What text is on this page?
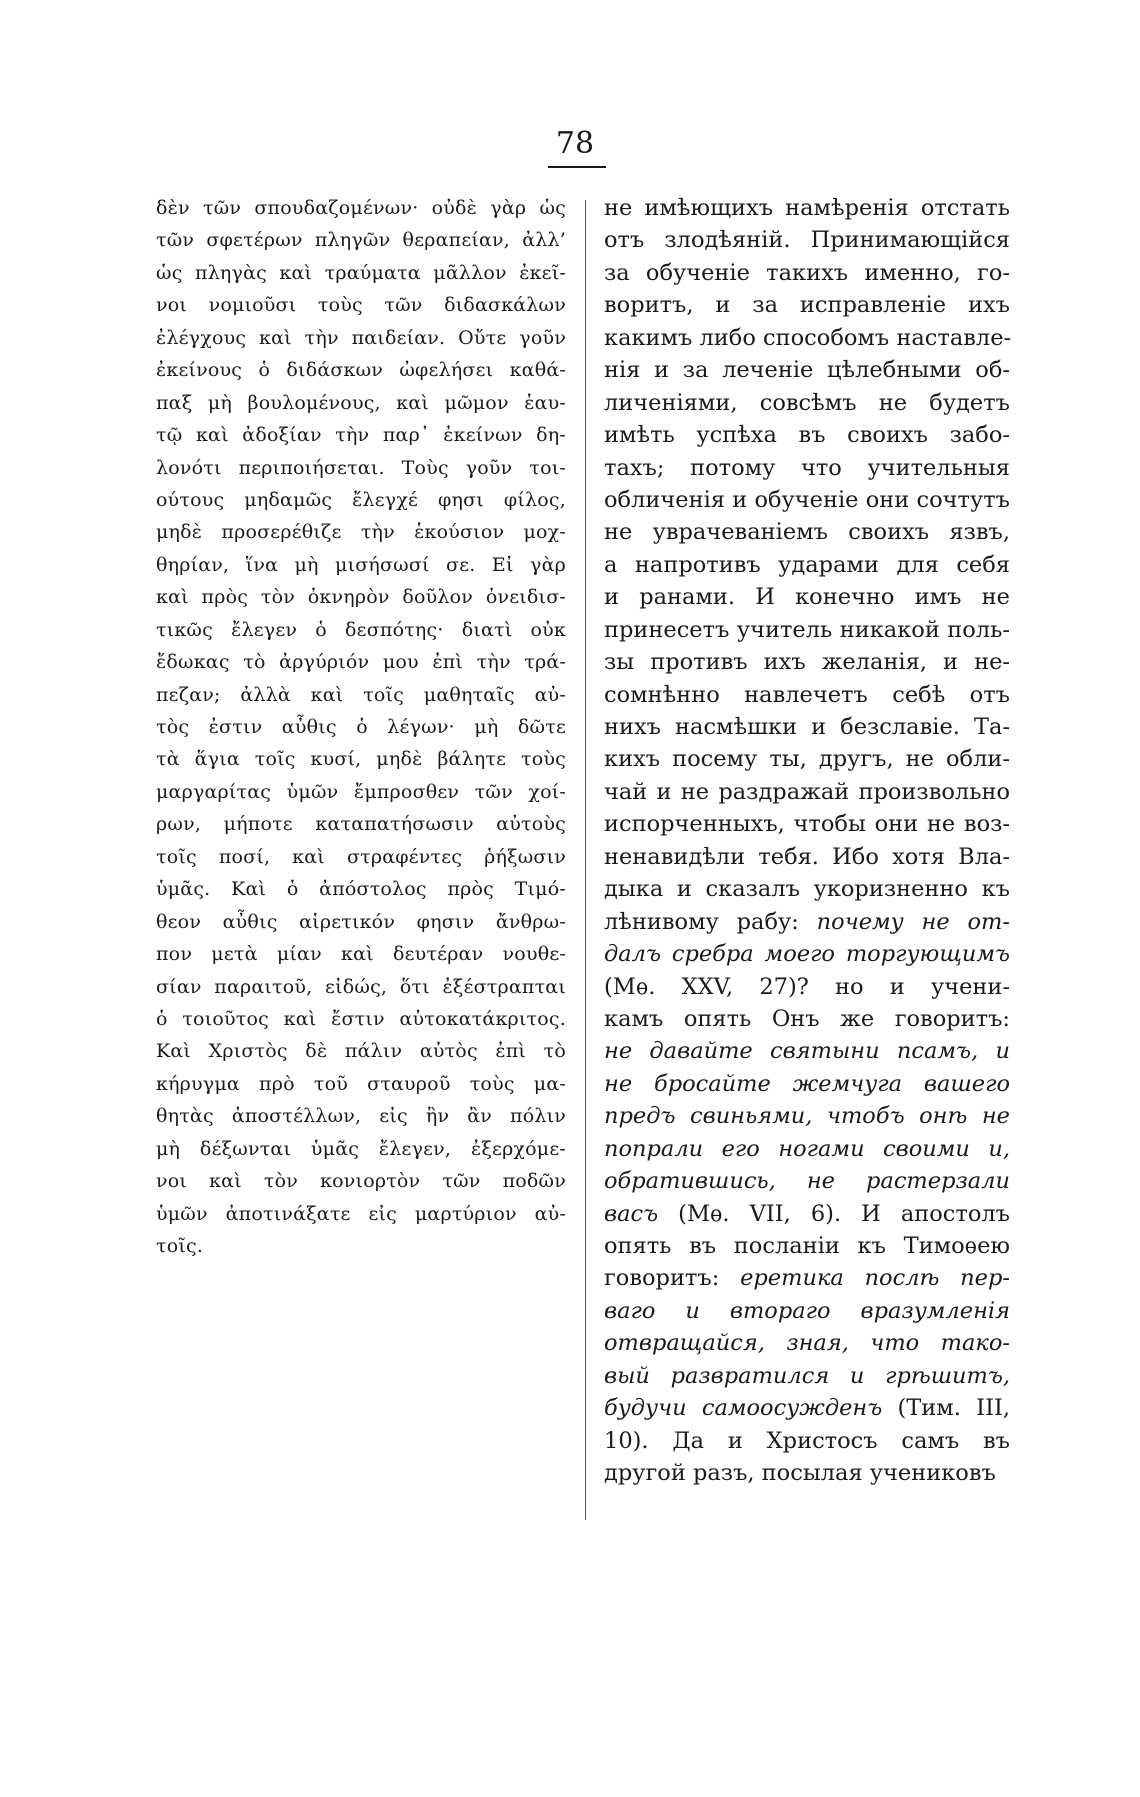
78
δὲν τῶν σπουδαζομένων· οὐδὲ γὰρ ὡς
τῶν σφετέρων πληγῶν θεραπείαν, ἀλλ’
ὡς πληγὰς καὶ τραύματα μᾶλλον ἐκεῖ-
νοι νομιοῦσι τοὺς τῶν διδασκάλων
ἐλέγχους καὶ τὴν παιδείαν. Οὔτε γοῦν
ἐκείνους ὁ διδάσκων ὠφελήσει καθά-
παξ μὴ βουλομένους, καὶ μῶμον ἑαυ-
τῷ καὶ ἀδοξίαν τὴν παρ᾽ ἐκείνων δη-
λονότι περιποιήσεται. Τοὺς γοῦν τοι-
ούτους μηδαμῶς ἔλεγχέ φησι φίλος,
μηδὲ προσερέθιζε τὴν ἑκούσιον μοχ-
θηρίαν, ἵνα μὴ μισήσωσί σε. Εἰ γὰρ
καὶ πρὸς τὸν ὀκνηρὸν δοῦλον ὀνειδισ-
τικῶς ἔλεγεν ὁ δεσπότης· διατὶ οὐκ
ἔδωκας τὸ ἀργύριόν μου ἐπὶ τὴν τρά-
πεζαν; ἀλλὰ καὶ τοῖς μαθηταῖς αὐ-
τὸς ἐστιν αὖθις ὁ λέγων· μὴ δῶτε
τὰ ἅγια τοῖς κυσί, μηδὲ βάλητε τοὺς
μαργαρίτας ὑμῶν ἔμπροσθεν τῶν χοί-
ρων, μήποτε καταπατήσωσιν αὐτοὺς
τοῖς ποσί, καὶ στραφέντες ῥήξωσιν
ὑμᾶς. Καὶ ὁ ἀπόστολος πρὸς Τιμό-
θεον αὖθις αἱρετικόν φησιν ἄνθρω-
πον μετὰ μίαν καὶ δευτέραν νουθε-
σίαν παραιτοῦ, εἰδώς, ὅτι ἐξέστραπται
ὁ τοιοῦτος καὶ ἔστιν αὐτοκατάκριτος.
Καὶ Χριστὸς δὲ πάλιν αὐτὸς ἐπὶ τὸ
κήρυγμα πρὸ τοῦ σταυροῦ τοὺς μα-
θητὰς ἀποστέλλων, εἰς ἣν ἂν πόλιν
μὴ δέξωνται ὑμᾶς ἔλεγεν, ἐξερχόμε-
νοι καὶ τὸν κονιορτὸν τῶν ποδῶν
ὑμῶν ἀποτινάξατε εἰς μαρτύριον αὐ-
τοῖς.
не имѣющихъ намѣренія отстать
отъ злодѣяній. Принимающійся
за обученіе такихъ именно, го-
воритъ, и за исправленіе ихъ
какимъ либо способомъ наставле-
нія и за леченіе цѣлебными об-
личеніями, совсѣмъ не будетъ
имѣть успѣха въ своихъ забо-
тахъ; потому что учительныя
обличенія и обученіе они сочтутъ
не уврачеваніемъ своихъ язвъ,
а напротивъ ударами для себя
и ранами. И конечно имъ не
принесетъ учитель никакой поль-
зы противъ ихъ желанія, и не-
сомнѣнно навлечетъ себѣ отъ
нихъ насмѣшки и безславіе. Та-
кихъ посему ты, другъ, не обли-
чай и не раздражай произвольно
испорченныхъ, чтобы они не воз-
ненавидѣли тебя. Ибо хотя Вла-
дыка и сказалъ укоризненно къ
лѣнивому рабу: почему не от-
далъ сребра моего торгующимъ
(Мѳ. XXV, 27)? но и учени-
камъ опять Онъ же говоритъ:
не давайте святыни псамъ, и
не бросайте жемчуга вашего
предъ свиньями, чтобъ онѣ не
попрали его ногами своими и,
обратившись, не растерзали
васъ (Мѳ. VII, 6). И апостолъ
опять въ посланіи къ Тимоѳею
говоритъ: еретика послѣ пер-
ваго и втораго вразумленія
отвращайся, зная, что тако-
вый развратился и грѣшитъ,
будучи самоосужденъ (Тим. III,
10). Да и Христосъ самъ въ
другой разъ, посылая учениковъ
